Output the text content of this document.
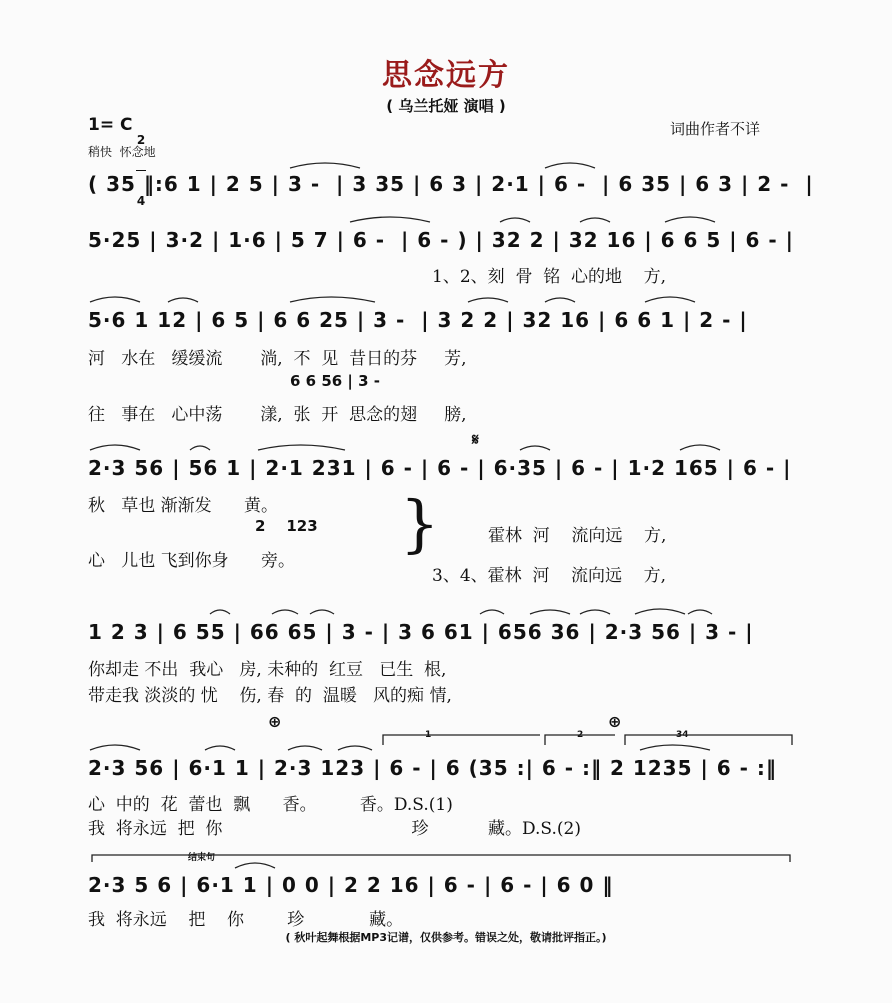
思念远方
( 乌兰托娅 演唱 )
1= C

2

4

稍快  怀念地
词曲作者不详
( 35 ‖:6 1 | 2 5 | 3 -  | 3 35 | 6 3 | 2·1 | 6 -  | 6 35 | 6 3 | 2 -  |
5·25 | 3·2 | 1·6 | 5 7 | 6 -  | 6 - ) | 32 2 | 32 16 | 6 6 5 | 6 - |
1、2、刻  骨  铭  心的地    方,
5·6 1 12 | 6 5 | 6 6 25 | 3 -  | 3 2 2 | 32 16 | 6 6 1 | 2 - |
河   水在   缓缓流       淌,  不  见  昔日的芬     芳,
6 6 56 | 3 -
往   事在   心中荡       漾,  张  开  思念的翅     膀,
𝄋
2·3 56 | 56 1 | 2·1 231 | 6 - | 6 - | 6·35 | 6 - | 1·2 165 | 6 - |
秋   草也 渐渐发      黄。
2    123 }	霍林  河    流向远    方,
心   儿也 飞到你身      旁。
3、4、霍林  河    流向远    方,
1 2 3 | 6 55 | 66 65 | 3 - | 3 6 61 | 656 36 | 2·3 56 | 3 - |
你却走 不出  我心   房, 未种的  红豆   已生  根,
带走我 淡淡的 忧    伤, 春  的  温暖   风的痴 情,
⊕	⊕
1	2	34
2·3 56 | 6·1 1 | 2·3 123 | 6 - | 6 (35 :| 6 - :‖ 2 1235 | 6 - :‖
心  中的  花  蕾也  飘      香。        香。D.S.(1)
我  将永远  把  你                                   珍           藏。D.S.(2)
结束句
2·3 5 6 | 6·1 1 | 0 0 | 2 2 16 | 6 - | 6 - | 6 0 ‖
我  将永远    把    你        珍            藏。
( 秋叶起舞根据MP3记谱，仅供参考。错误之处，敬请批评指正。)
